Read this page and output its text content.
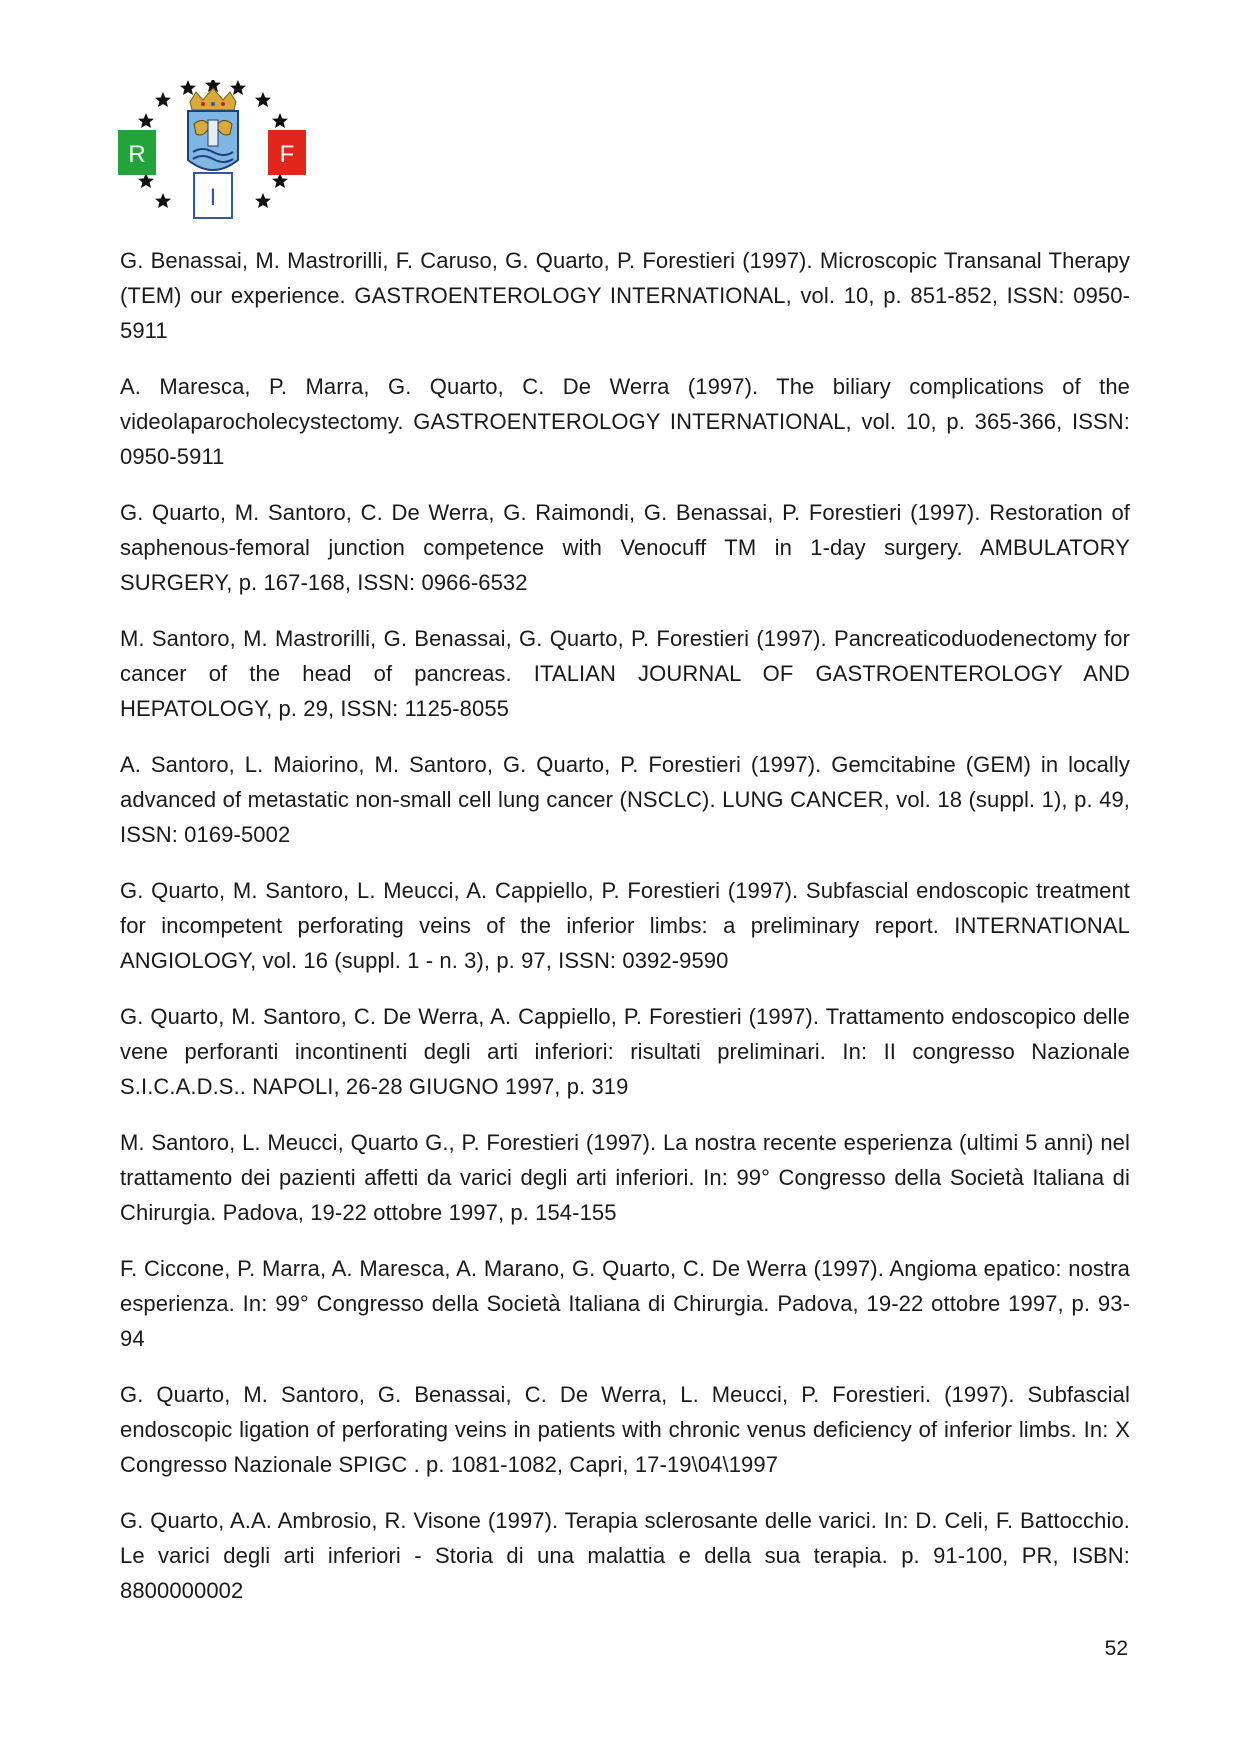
R	F
I

G. Benassai, M. Mastrorilli, F. Caruso, G. Quarto, P. Forestieri (1997). Microscopic Transanal Therapy (TEM) our experience. GASTROENTEROLOGY INTERNATIONAL, vol. 10, p. 851-852, ISSN: 0950-5911

A. Maresca, P. Marra, G. Quarto, C. De Werra (1997). The biliary complications of the videolaparocholecystectomy. GASTROENTEROLOGY INTERNATIONAL, vol. 10, p. 365-366, ISSN: 0950-5911

G. Quarto, M. Santoro, C. De Werra, G. Raimondi, G. Benassai, P. Forestieri (1997). Restoration of saphenous-femoral junction competence with Venocuff TM in 1-day surgery. AMBULATORY SURGERY, p. 167-168, ISSN: 0966-6532

M. Santoro, M. Mastrorilli, G. Benassai, G. Quarto, P. Forestieri (1997). Pancreaticoduodenectomy for cancer of the head of pancreas. ITALIAN JOURNAL OF GASTROENTEROLOGY AND HEPATOLOGY, p. 29, ISSN: 1125-8055

A. Santoro, L. Maiorino, M. Santoro, G. Quarto, P. Forestieri (1997). Gemcitabine (GEM) in locally advanced of metastatic non-small cell lung cancer (NSCLC). LUNG CANCER, vol. 18 (suppl. 1), p. 49, ISSN: 0169-5002

G. Quarto, M. Santoro, L. Meucci, A. Cappiello, P. Forestieri (1997). Subfascial endoscopic treatment for incompetent perforating veins of the inferior limbs: a preliminary report. INTERNATIONAL ANGIOLOGY, vol. 16 (suppl. 1 - n. 3), p. 97, ISSN: 0392-9590

G. Quarto, M. Santoro, C. De Werra, A. Cappiello, P. Forestieri (1997). Trattamento endoscopico delle vene perforanti incontinenti degli arti inferiori: risultati preliminari. In: II congresso Nazionale S.I.C.A.D.S.. NAPOLI, 26-28 GIUGNO 1997, p. 319

M. Santoro, L. Meucci, Quarto G., P. Forestieri (1997). La nostra recente esperienza (ultimi 5 anni) nel trattamento dei pazienti affetti da varici degli arti inferiori. In: 99° Congresso della Società Italiana di Chirurgia. Padova, 19-22 ottobre 1997, p. 154-155

F. Ciccone, P. Marra, A. Maresca, A. Marano, G. Quarto, C. De Werra (1997). Angioma epatico: nostra esperienza. In: 99° Congresso della Società Italiana di Chirurgia. Padova, 19-22 ottobre 1997, p. 93-94

G. Quarto, M. Santoro, G. Benassai, C. De Werra, L. Meucci, P. Forestieri. (1997). Subfascial endoscopic ligation of perforating veins in patients with chronic venus deficiency of inferior limbs. In: X Congresso Nazionale SPIGC . p. 1081-1082, Capri, 17-19\04\1997

G. Quarto, A.A. Ambrosio, R. Visone (1997). Terapia sclerosante delle varici. In: D. Celi, F. Battocchio. Le varici degli arti inferiori - Storia di una malattia e della sua terapia. p. 91-100, PR, ISBN: 8800000002

52
